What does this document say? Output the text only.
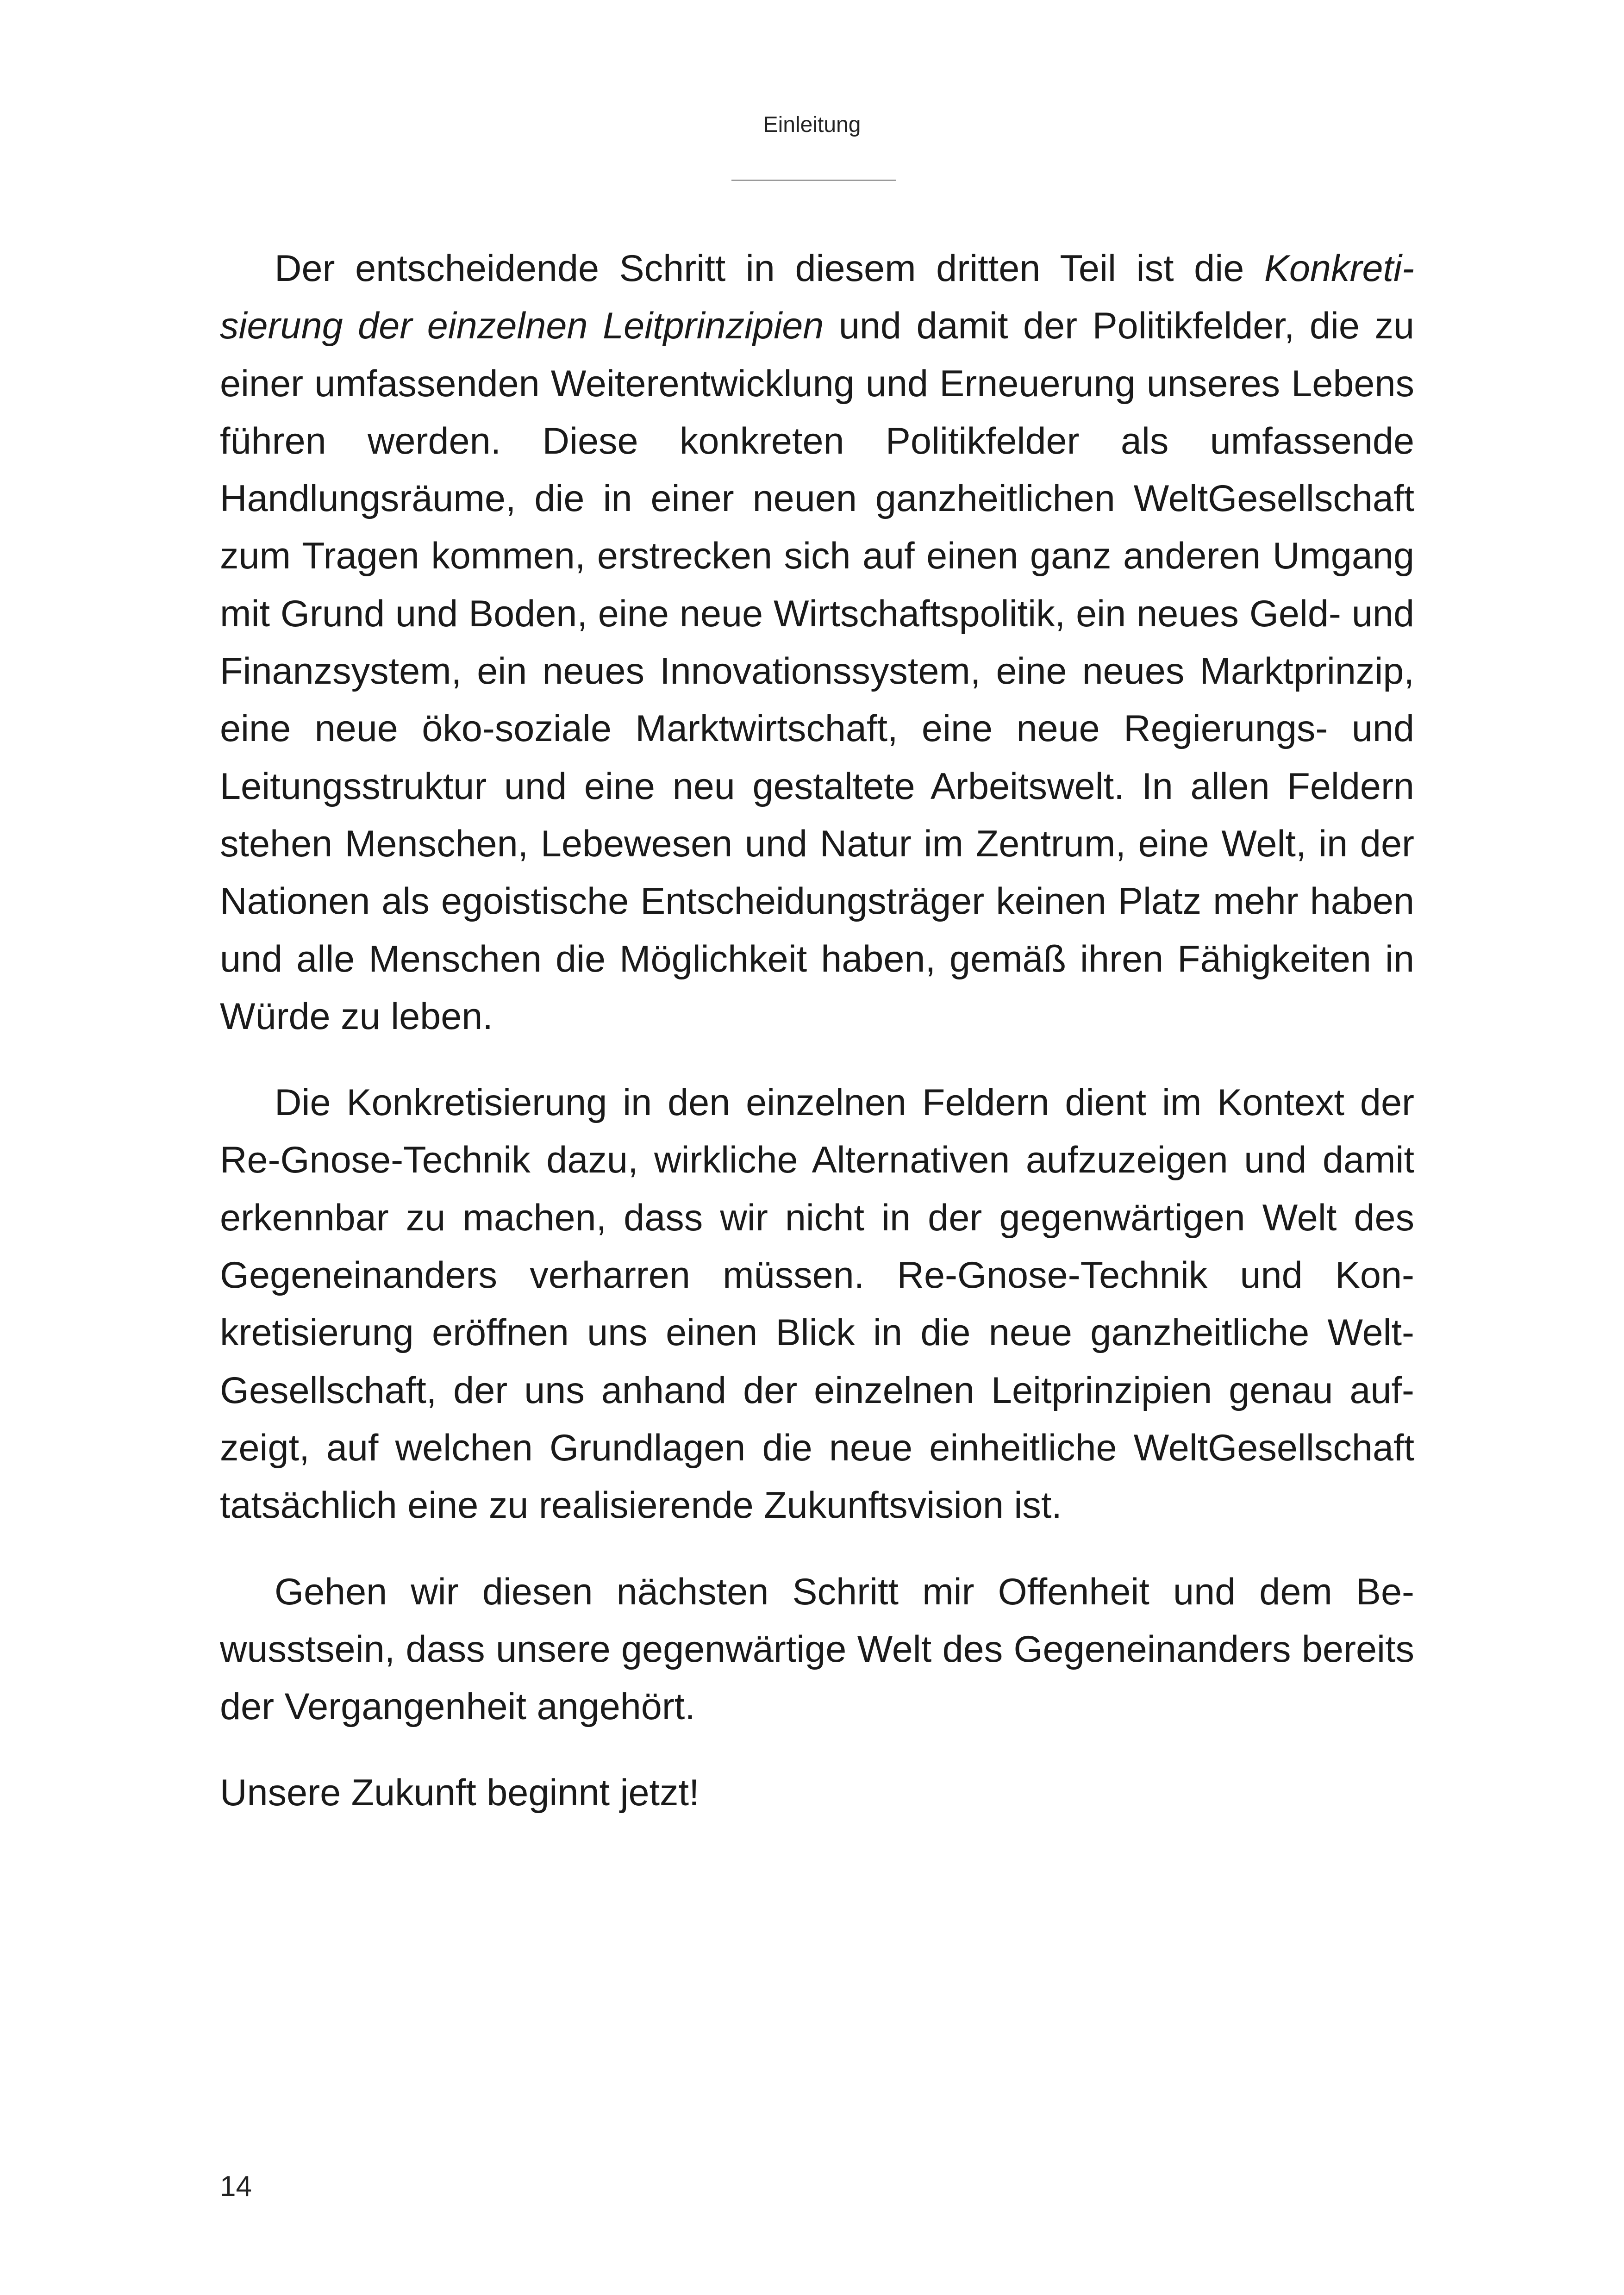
Einleitung

Der entscheidende Schritt in diesem dritten Teil ist die Konkretisierung der einzelnen Leitprinzipien und damit der Politikfelder, die zu einer umfassenden Weiterentwicklung und Erneuerung unseres Lebens führen werden. Diese konkreten Politikfelder als umfassende Handlungsräume, die in einer neuen ganzheitlichen WeltGesellschaft zum Tragen kommen, erstrecken sich auf einen ganz anderen Umgang mit Grund und Boden, eine neue Wirtschaftspolitik, ein neues Geld- und Finanzsystem, ein neues Innovationssystem, eine neues Marktprinzip, eine neue öko-soziale Marktwirtschaft, eine neue Regierungs- und Leitungsstruktur und eine neu gestaltete Arbeitswelt. In allen Feldern stehen Menschen, Lebewesen und Natur im Zentrum, eine Welt, in der Nationen als egoistische Entscheidungsträger keinen Platz mehr haben und alle Menschen die Möglichkeit haben, gemäß ihren Fähigkeiten in Würde zu leben.

Die Konkretisierung in den einzelnen Feldern dient im Kontext der Re-Gnose-Technik dazu, wirkliche Alternativen aufzuzeigen und damit erkennbar zu machen, dass wir nicht in der gegenwärtigen Welt des Gegeneinanders verharren müssen. Re-Gnose-Technik und Konkretisierung eröffnen uns einen Blick in die neue ganzheitliche Welt-Gesellschaft, der uns anhand der einzelnen Leitprinzipien genau aufzeigt, auf welchen Grundlagen die neue einheitliche WeltGesellschaft tatsächlich eine zu realisierende Zukunftsvision ist.

Gehen wir diesen nächsten Schritt mir Offenheit und dem Bewusstsein, dass unsere gegenwärtige Welt des Gegeneinanders bereits der Vergangenheit angehört.

Unsere Zukunft beginnt jetzt!

14
